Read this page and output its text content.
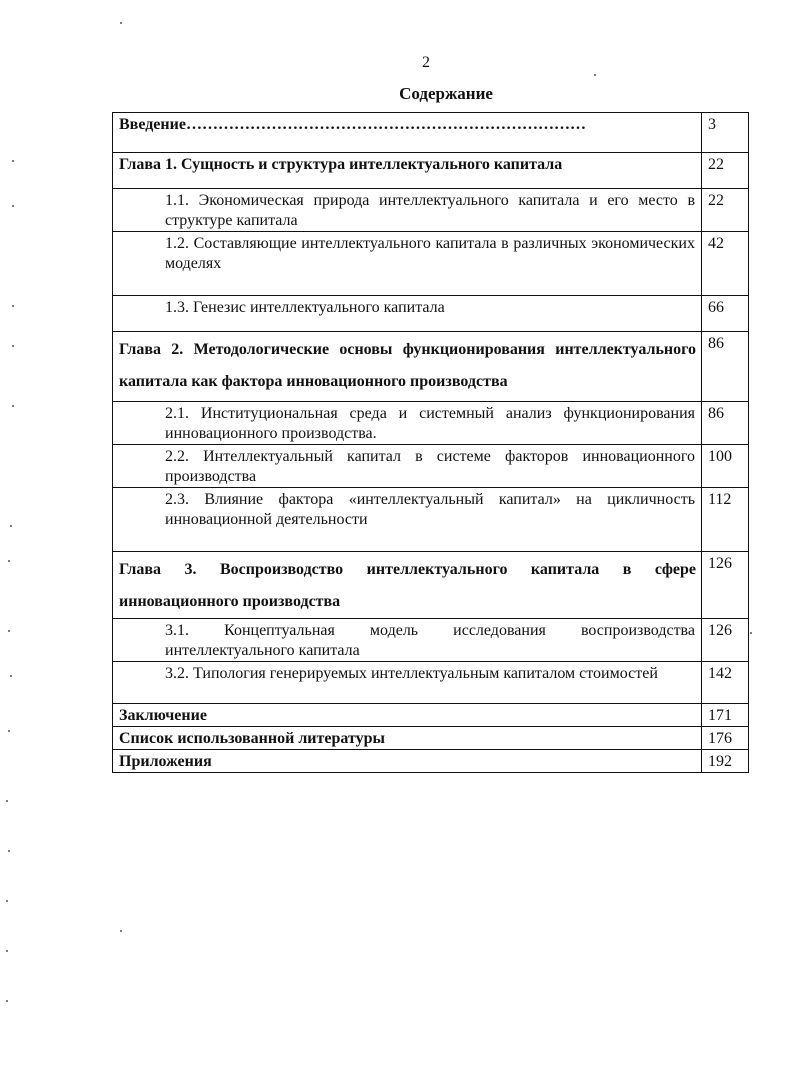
2
Содержание
Введение…………………………………………………………………	3
Глава 1. Сущность и структура интеллектуального капитала	22
1.1. Экономическая природа интеллектуального капитала и его место в структуре капитала	22
1.2. Составляющие интеллектуального капитала в различных экономических моделях	42
1.3. Генезис интеллектуального капитала	66
Глава 2. Методологические основы функционирования интеллектуального капитала как фактора инновационного производства	86
2.1. Институциональная среда и системный анализ функционирования инновационного производства.	86
2.2. Интеллектуальный капитал в системе факторов инновационного производства	100
2.3. Влияние фактора «интеллектуальный капитал» на цикличность инновационной деятельности	112
Глава 3. Воспроизводство интеллектуального капитала в сфере инновационного производства	126
3.1. Концептуальная модель исследования воспроизводства интеллектуального капитала	126
3.2. Типология генерируемых интеллектуальным капиталом стоимостей	142
Заключение	171
Список использованной литературы	176
Приложения	192
